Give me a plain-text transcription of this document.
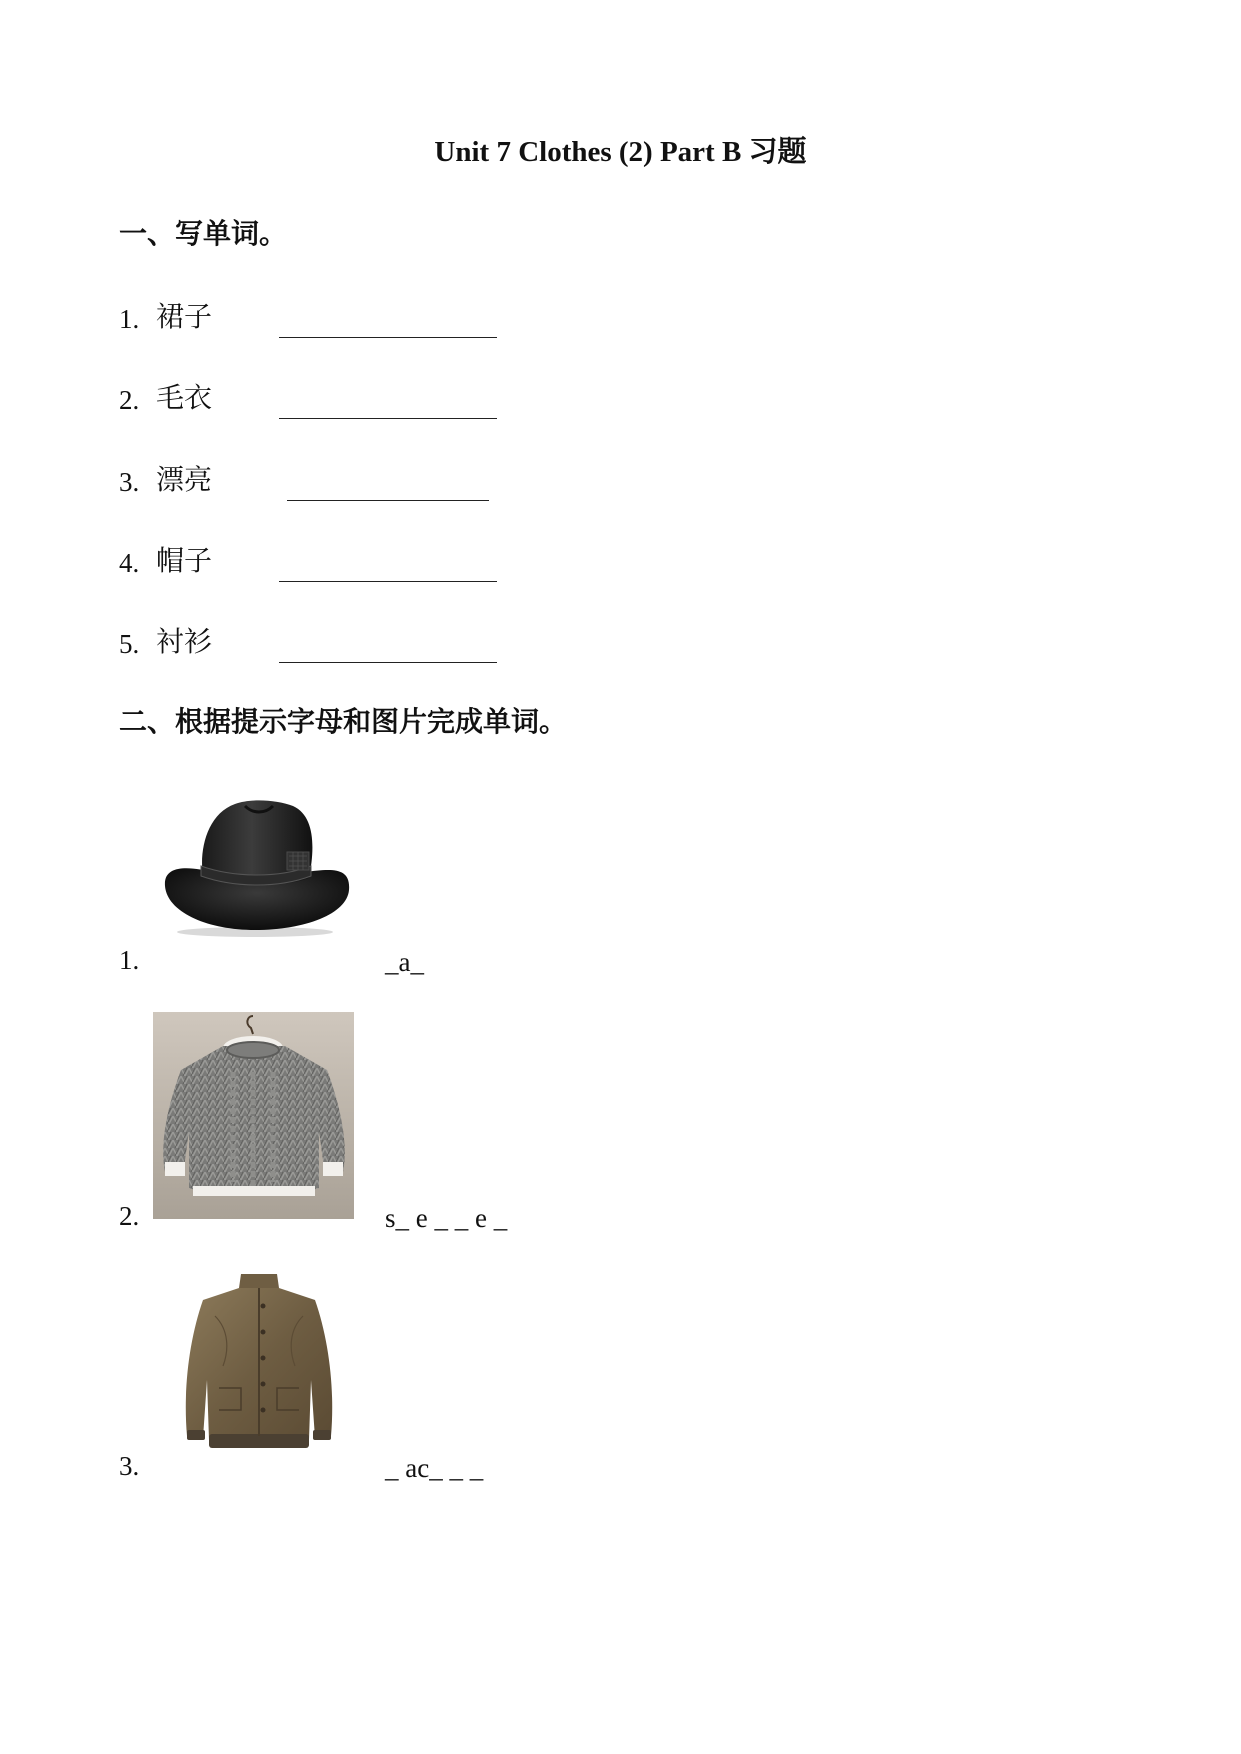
Unit 7 Clothes (2) Part B 习题
一、写单词。
1. 裙子
2. 毛衣
3. 漂亮
4. 帽子
5. 衬衫
二、根据提示字母和图片完成单词。
1.	_a_
2.	s_ e _ _ e _
3.	_ ac_ _ _
